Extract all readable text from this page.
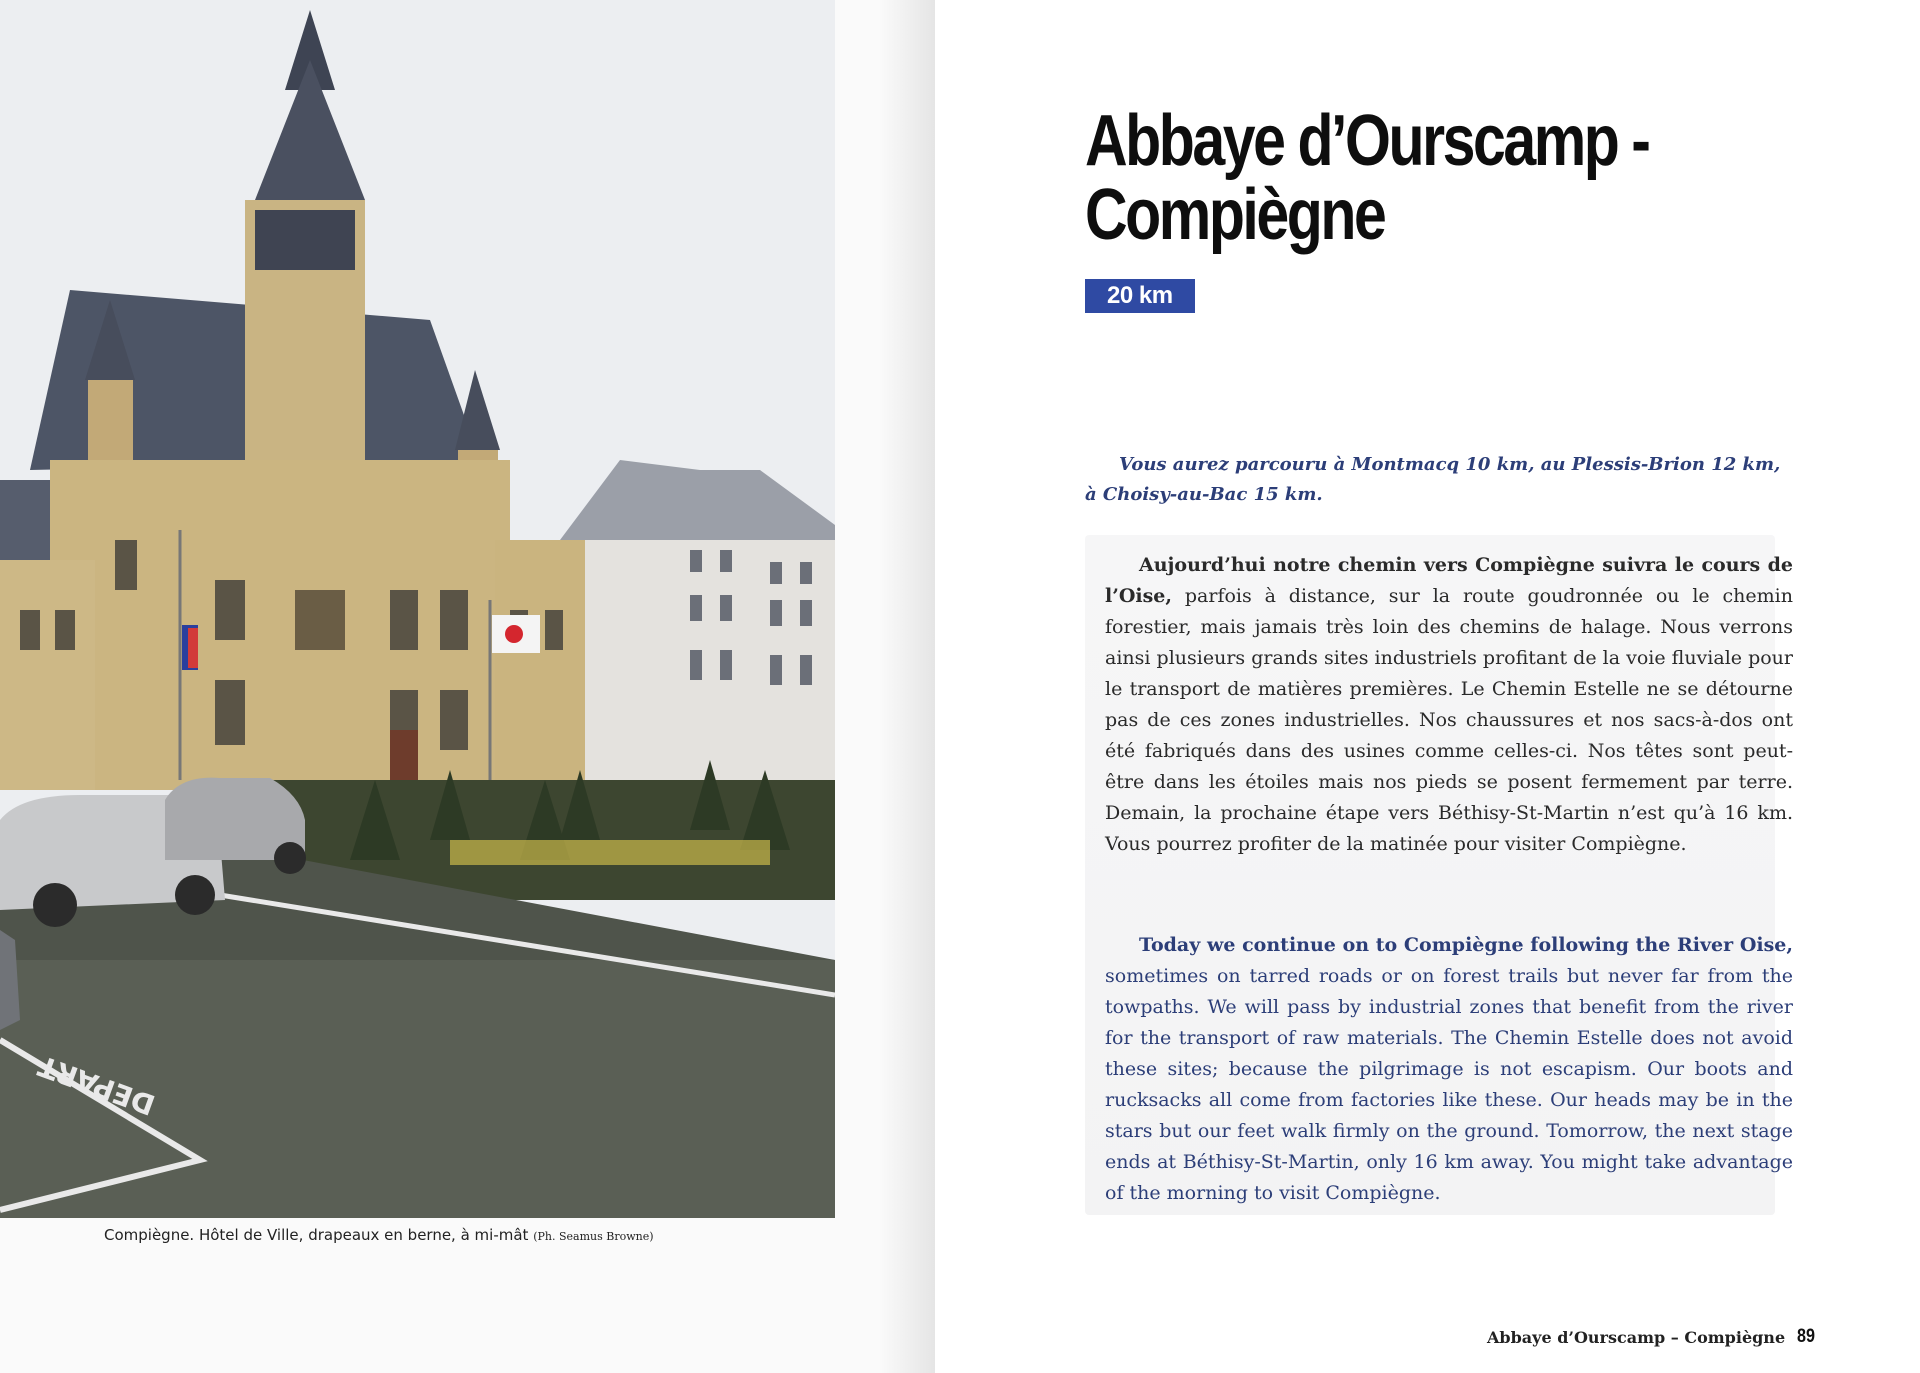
DEPART
Compiègne. Hôtel de Ville, drapeaux en berne, à mi-mât (Ph. Seamus Browne)
Abbaye d’Ourscamp -
Compiègne
20 km

Vous aurez parcouru à Montmacq 10 km, au Plessis-Brion 12 km, à Choisy-au-Bac 15 km.

Aujourd’hui notre chemin vers Compiègne suivra le cours de l’Oise, parfois à distance, sur la route goudronnée ou le chemin forestier, mais jamais très loin des chemins de halage. Nous verrons ainsi plusieurs grands sites industriels profitant de la voie fluviale pour le transport de matières premières. Le Chemin Estelle ne se détourne pas de ces zones industrielles. Nos chaussures et nos sacs-à-dos ont été fabriqués dans des usines comme celles-ci. Nos têtes sont peut-être dans les étoiles mais nos pieds se posent fermement par terre. Demain, la prochaine étape vers Béthisy-St-Martin n’est qu’à 16 km. Vous pourrez profiter de la matinée pour visiter Compiègne.

Today we continue on to Compiègne following the River Oise, sometimes on tarred roads or on forest trails but never far from the towpaths. We will pass by industrial zones that benefit from the river for the transport of raw materials. The Chemin Estelle does not avoid these sites; because the pilgrimage is not escapism. Our boots and rucksacks all come from factories like these. Our heads may be in the stars but our feet walk firmly on the ground. Tomorrow, the next stage ends at Béthisy-St-Martin, only 16 km away. You might take advantage of the morning to visit Compiègne.

Abbaye d’Ourscamp – Compiègne 89
